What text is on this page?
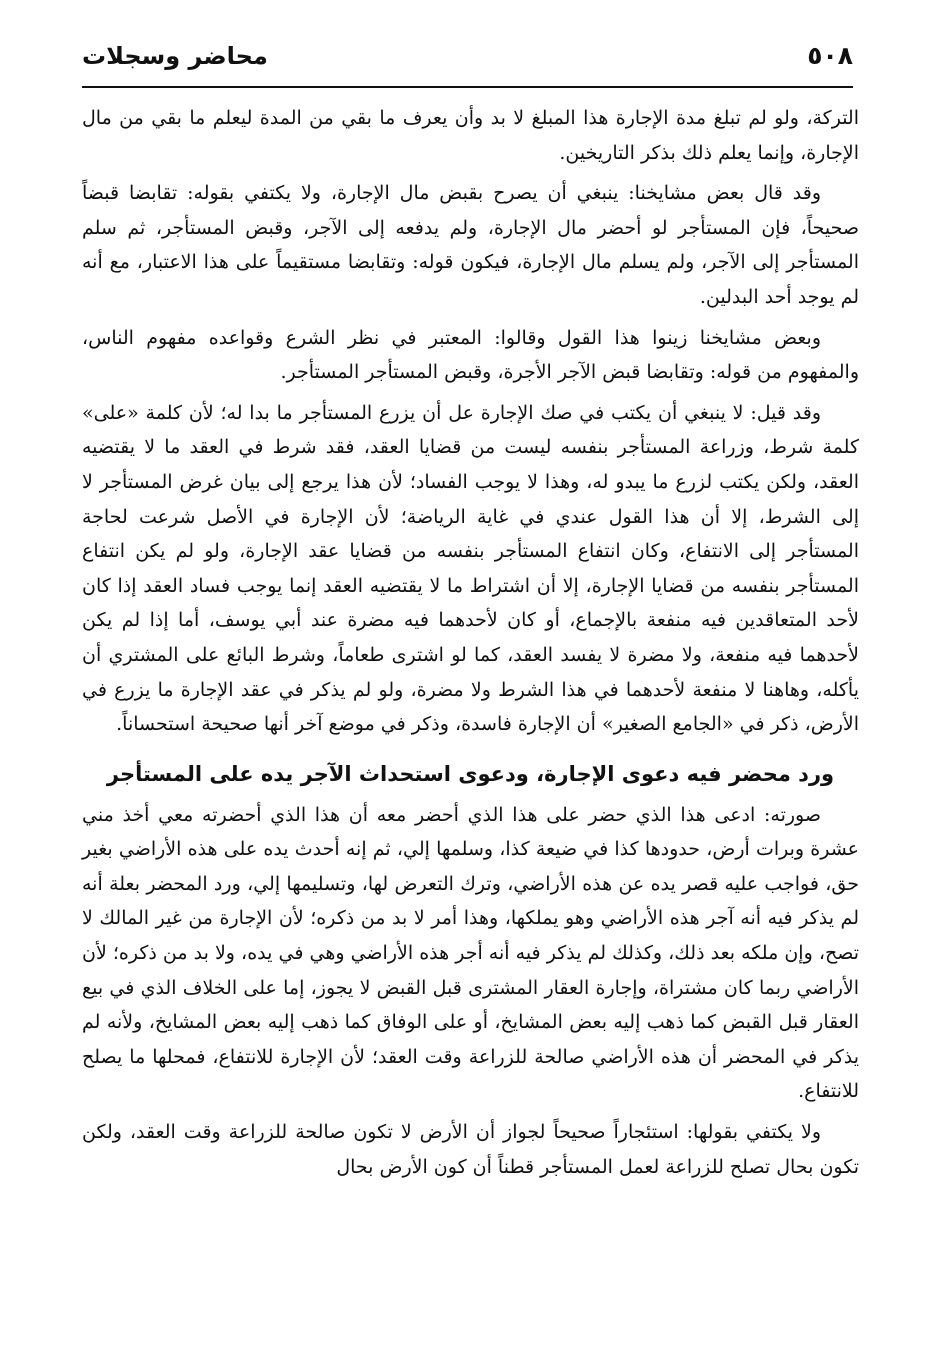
٥٠٨
محاضر وسجلات

التركة، ولو لم تبلغ مدة الإجارة هذا المبلغ لا بد وأن يعرف ما بقي من المدة ليعلم ما بقي من مال الإجارة، وإنما يعلم ذلك بذكر التاريخين.

وقد قال بعض مشايخنا: ينبغي أن يصرح بقبض مال الإجارة، ولا يكتفي بقوله: تقابضا قبضاً صحيحاً، فإن المستأجر لو أحضر مال الإجارة، ولم يدفعه إلى الآجر، وقبض المستأجر، ثم سلم المستأجر إلى الآجر، ولم يسلم مال الإجارة، فيكون قوله: وتقابضا مستقيماً على هذا الاعتبار، مع أنه لم يوجد أحد البدلين.

وبعض مشايخنا زينوا هذا القول وقالوا: المعتبر في نظر الشرع وقواعده مفهوم الناس، والمفهوم من قوله: وتقابضا قبض الآجر الأجرة، وقبض المستأجر المستأجر.

وقد قيل: لا ينبغي أن يكتب في صك الإجارة عل أن يزرع المستأجر ما بدا له؛ لأن كلمة «على» كلمة شرط، وزراعة المستأجر بنفسه ليست من قضايا العقد، فقد شرط في العقد ما لا يقتضيه العقد، ولكن يكتب لزرع ما يبدو له، وهذا لا يوجب الفساد؛ لأن هذا يرجع إلى بيان غرض المستأجر لا إلى الشرط، إلا أن هذا القول عندي في غاية الرياضة؛ لأن الإجارة في الأصل شرعت لحاجة المستأجر إلى الانتفاع، وكان انتفاع المستأجر بنفسه من قضايا عقد الإجارة، ولو لم يكن انتفاع المستأجر بنفسه من قضايا الإجارة، إلا أن اشتراط ما لا يقتضيه العقد إنما يوجب فساد العقد إذا كان لأحد المتعاقدين فيه منفعة بالإجماع، أو كان لأحدهما فيه مضرة عند أبي يوسف، أما إذا لم يكن لأحدهما فيه منفعة، ولا مضرة لا يفسد العقد، كما لو اشترى طعاماً، وشرط البائع على المشتري أن يأكله، وهاهنا لا منفعة لأحدهما في هذا الشرط ولا مضرة، ولو لم يذكر في عقد الإجارة ما يزرع في الأرض، ذكر في «الجامع الصغير» أن الإجارة فاسدة، وذكر في موضع آخر أنها صحيحة استحساناً.

ورد محضر فيه دعوى الإجارة، ودعوى استحداث الآجر يده على المستأجر

صورته: ادعى هذا الذي حضر على هذا الذي أحضر معه أن هذا الذي أحضرته معي أخذ مني عشرة وبرات أرض، حدودها كذا في ضيعة كذا، وسلمها إلي، ثم إنه أحدث يده على هذه الأراضي بغير حق، فواجب عليه قصر يده عن هذه الأراضي، وترك التعرض لها، وتسليمها إلي، ورد المحضر بعلة أنه لم يذكر فيه أنه آجر هذه الأراضي وهو يملكها، وهذا أمر لا بد من ذكره؛ لأن الإجارة من غير المالك لا تصح، وإن ملكه بعد ذلك، وكذلك لم يذكر فيه أنه أجر هذه الأراضي وهي في يده، ولا بد من ذكره؛ لأن الأراضي ربما كان مشتراة، وإجارة العقار المشترى قبل القبض لا يجوز، إما على الخلاف الذي في بيع العقار قبل القبض كما ذهب إليه بعض المشايخ، أو على الوفاق كما ذهب إليه بعض المشايخ، ولأنه لم يذكر في المحضر أن هذه الأراضي صالحة للزراعة وقت العقد؛ لأن الإجارة للانتفاع، فمحلها ما يصلح للانتفاع.

ولا يكتفي بقولها: استئجاراً صحيحاً لجواز أن الأرض لا تكون صالحة للزراعة وقت العقد، ولكن تكون بحال تصلح للزراعة لعمل المستأجر قطناً أن كون الأرض بحال
